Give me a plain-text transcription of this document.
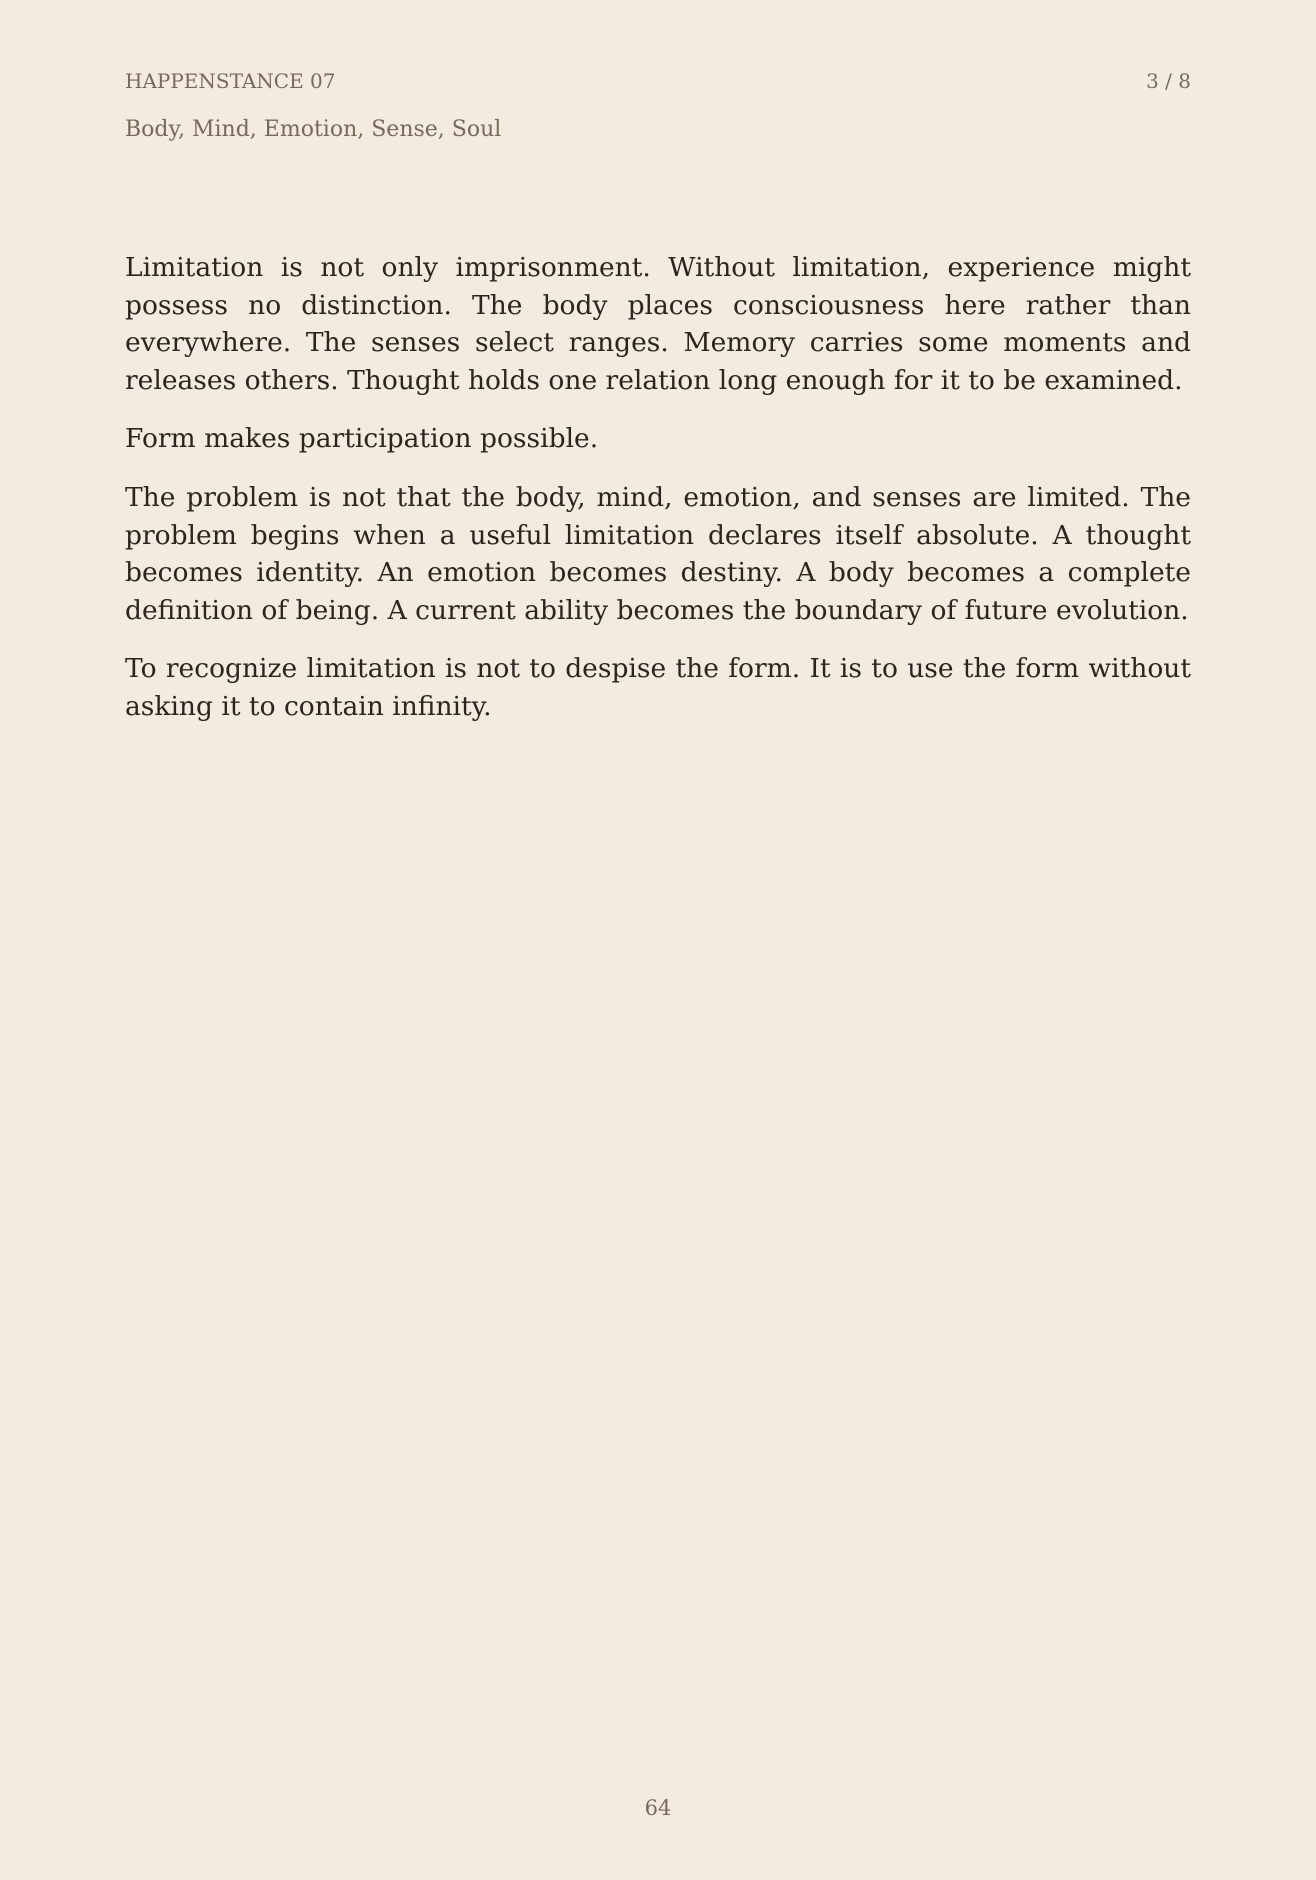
HAPPENSTANCE 07	3 / 8
Body, Mind, Emotion, Sense, Soul

Limitation is not only imprisonment. Without limitation, experience might possess no distinction. The body places consciousness here rather than everywhere. The senses select ranges. Memory carries some moments and releases others. Thought holds one relation long enough for it to be examined.

Form makes participation possible.

The problem is not that the body, mind, emotion, and senses are limited. The problem begins when a useful limitation declares itself absolute. A thought becomes identity. An emotion becomes destiny. A body becomes a complete definition of being. A current ability becomes the boundary of future evolution.

To recognize limitation is not to despise the form. It is to use the form without asking it to contain infinity.

64
